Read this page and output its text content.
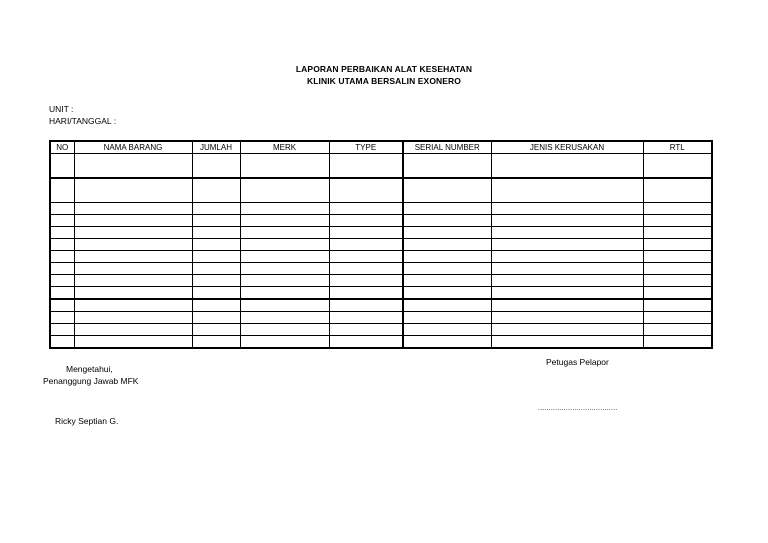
LAPORAN PERBAIKAN ALAT KESEHATAN
KLINIK UTAMA BERSALIN EXONERO
UNIT :
HARI/TANGGAL :
NO	NAMA BARANG	JUMLAH	MERK	TYPE	SERIAL NUMBER	JENIS KERUSAKAN	RTL

Mengetahui,
Penanggung Jawab MFK
Ricky Septian G.
Petugas Pelapor
.....................................
